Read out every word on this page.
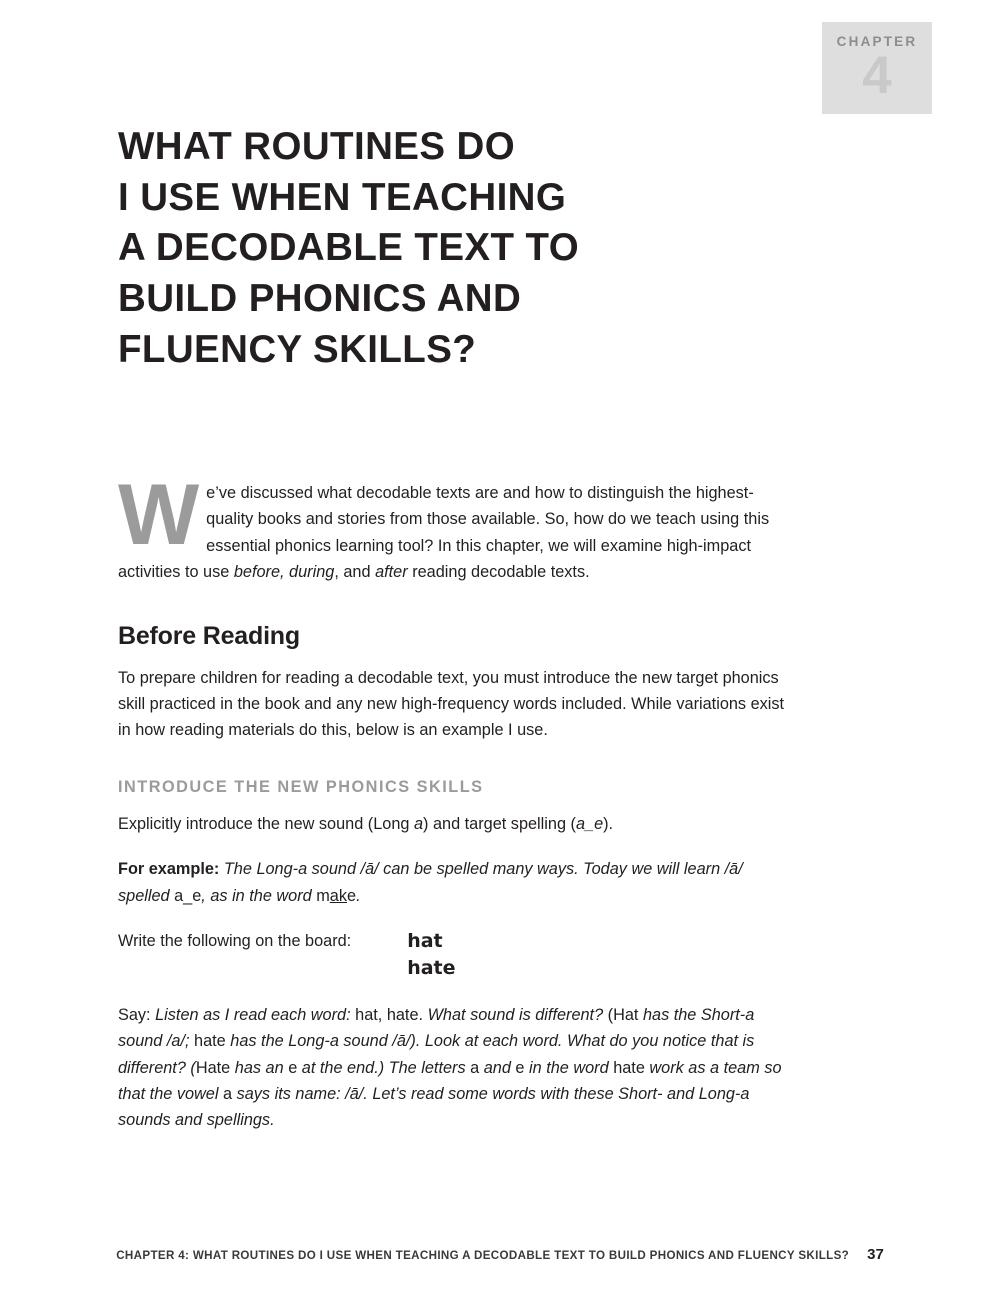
CHAPTER
4
WHAT ROUTINES DO
I USE WHEN TEACHING
A DECODABLE TEXT TO
BUILD PHONICS AND
FLUENCY SKILLS?

We’ve discussed what decodable texts are and how to distinguish the highest-quality books and stories from those available. So, how do we teach using this essential phonics learning tool? In this chapter, we will examine high-impact activities to use before, during, and after reading decodable texts.

Before Reading

To prepare children for reading a decodable text, you must introduce the new target phonics skill practiced in the book and any new high-frequency words included. While variations exist in how reading materials do this, below is an example I use.

INTRODUCE THE NEW PHONICS SKILLS

Explicitly introduce the new sound (Long a) and target spelling (a_e).

For example: The Long-a sound /ā/ can be spelled many ways. Today we will learn /ā/ spelled a_e, as in the word make.

Write the following on the board:	hat
hate

Say: Listen as I read each word: hat, hate. What sound is different? (Hat has the Short-a sound /a/; hate has the Long-a sound /ā/). Look at each word. What do you notice that is different? (Hate has an e at the end.) The letters a and e in the word hate work as a team so that the vowel a says its name: /ā/. Let’s read some words with these Short- and Long-a sounds and spellings.

CHAPTER 4: WHAT ROUTINES DO I USE WHEN TEACHING A DECODABLE TEXT TO BUILD PHONICS AND FLUENCY SKILLS? 37
